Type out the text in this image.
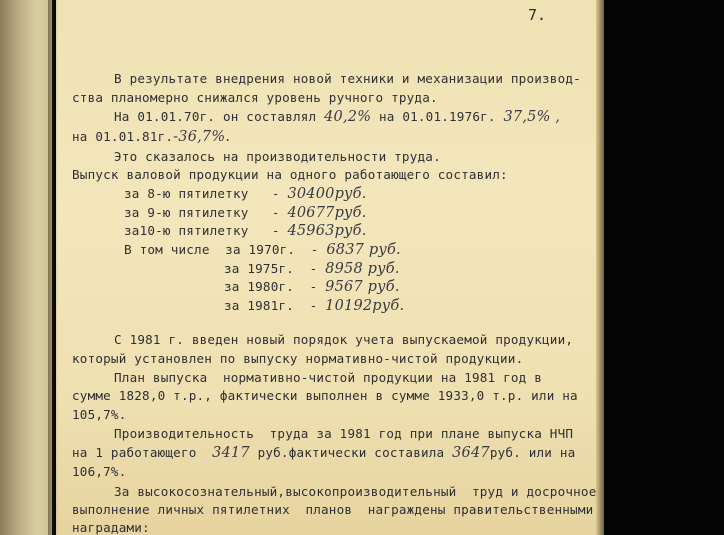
7.
В результате внедрения новой техники и механизации производ-
ства планомерно снижался уровень ручного труда.
На 01.01.70г. он составлял 40,2% на 01.01.1976г. 37,5% ,
на 01.01.81г.-36,7%.
Это сказалось на производительности труда.
Выпуск валовой продукции на одного работающего составил:
за 8-ю пятилетку   - 30400руб.
за 9-ю пятилетку   - 40677руб.
за10-ю пятилетку   - 45963руб.
В том числе  за 1970г.  - 6837 руб.
за 1975г.  - 8958 руб.
за 1980г.  - 9567 руб.
за 1981г.  - 10192руб.
С 1981 г. введен новый порядок учета выпускаемой продукции,
который установлен по выпуску нормативно-чистой продукции.
План выпуска  нормативно-чистой продукции на 1981 год в
сумме 1828,0 т.р., фактически выполнен в сумме 1933,0 т.р. или на
105,7%.
Производительность  труда за 1981 год при плане выпуска НЧП
на 1 работающего  3417 руб.фактически составила 3647руб. или на
106,7%.
За высокосознательный,высокопроизводительный  труд и досрочное
выполнение личных пятилетних  планов  награждены правительственными
наградами:
